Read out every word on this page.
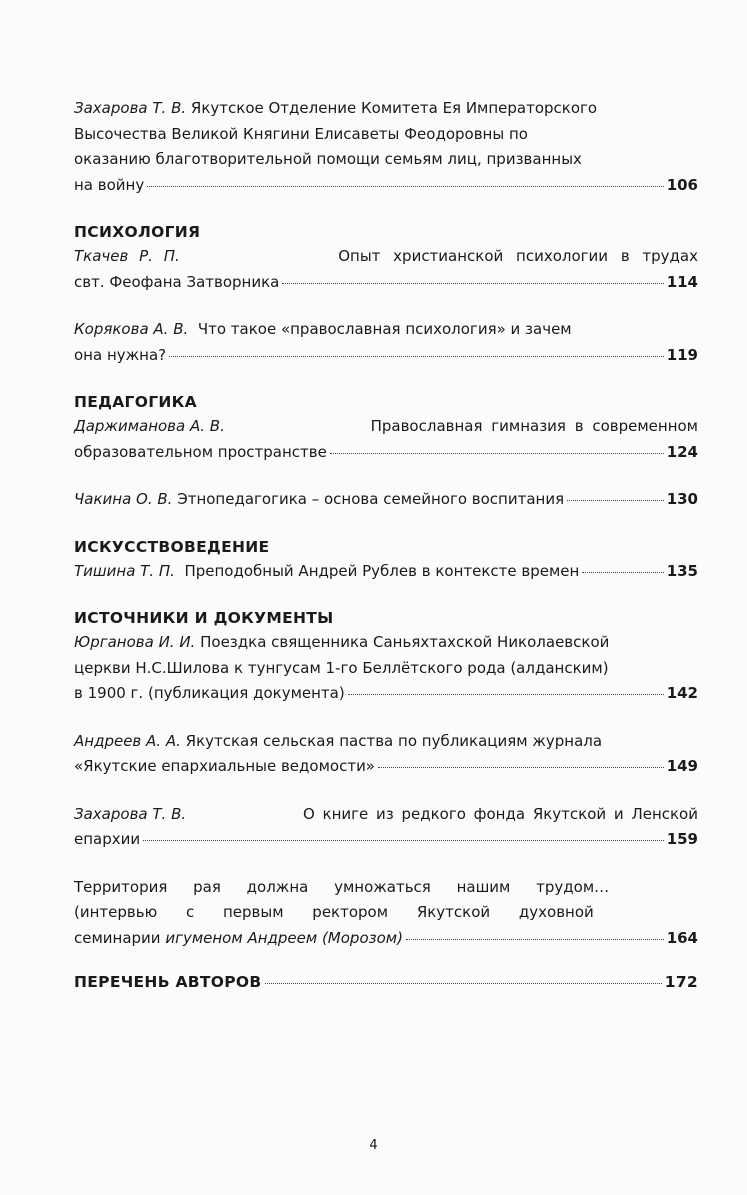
Захарова Т. В. Якутское Отделение Комитета Ея Императорского
Высочества Великой Княгини Елисаветы Феодоровны по
оказанию благотворительной помощи семьям лиц, призванных
на войну	106
ПСИХОЛОГИЯ
Ткачев Р. П.	Опыт христианской психологии в трудах
свт. Феофана Затворника	114
Корякова А. В. Что такое «православная психология» и зачем
она нужна?	119
ПЕДАГОГИКА
Даржиманова А. В.	Православная гимназия в современном
образовательном пространстве	124
Чакина О. В. Этнопедагогика – основа семейного воспитания	130
ИСКУССТВОВЕДЕНИЕ
Тишина Т. П. Преподобный Андрей Рублев в контексте времен	135
ИСТОЧНИКИ И ДОКУМЕНТЫ
Юрганова И. И. Поездка священника Саньяхтахской Николаевской
церкви Н.С.Шилова к тунгусам 1-го Беллётского рода (алданским)
в 1900 г. (публикация документа)	142
Андреев А. А. Якутская сельская паства по публикациям журнала
«Якутские епархиальные ведомости»	149
Захарова Т. В.	О книге из редкого фонда Якутской и Ленской
епархии	159
Территория рая должна умножаться нашим трудом…
(интервью с первым ректором Якутской духовной
семинарии игуменом Андреем (Морозом)	164
ПЕРЕЧЕНЬ АВТОРОВ	172
4
